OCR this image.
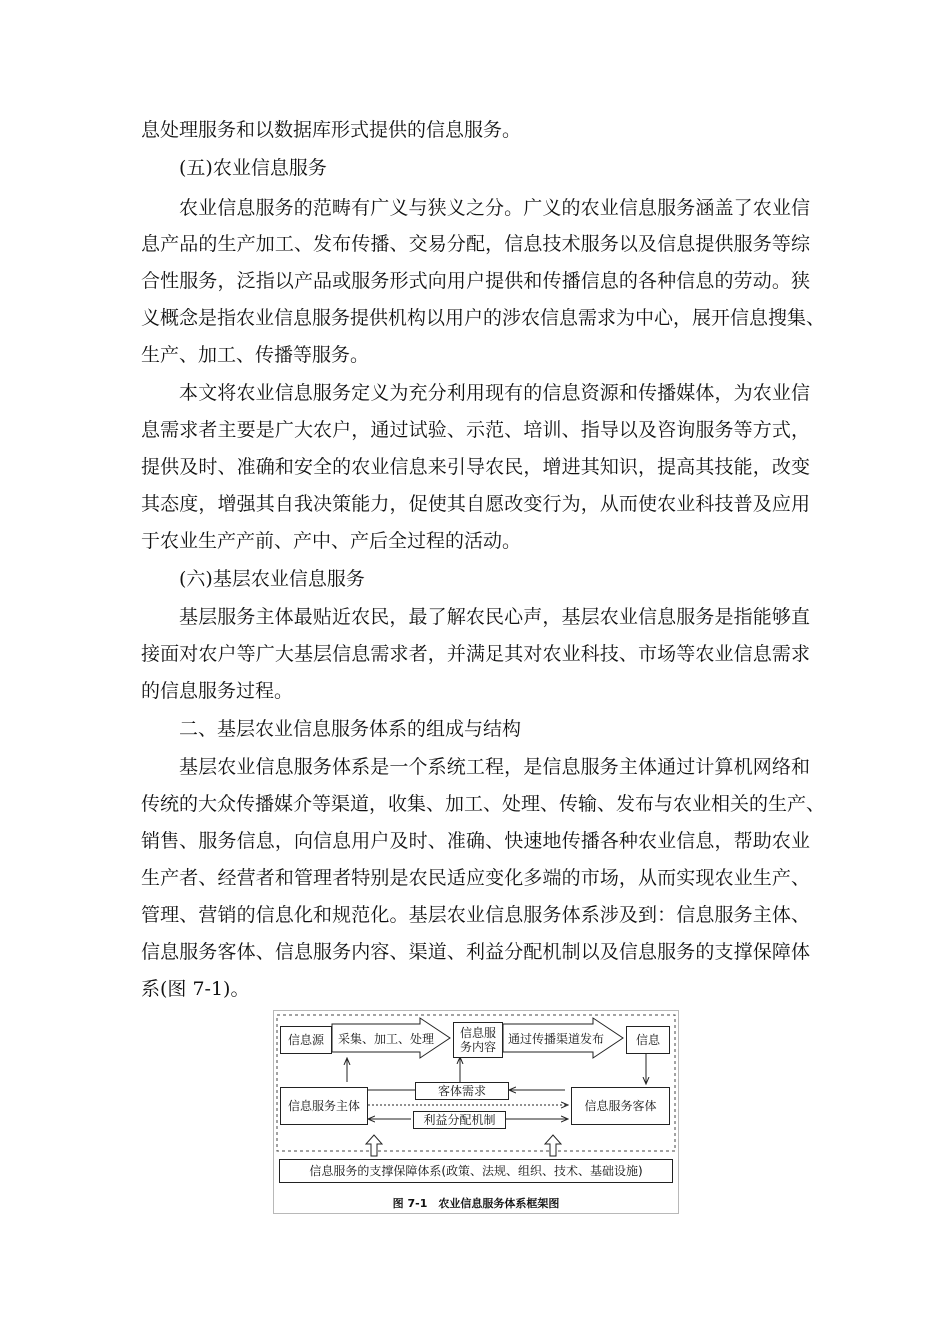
息处理服务和以数据库形式提供的信息服务。
(五)农业信息服务
农业信息服务的范畴有广义与狭义之分。广义的农业信息服务涵盖了农业信
息产品的生产加工、发布传播、交易分配，信息技术服务以及信息提供服务等综
合性服务，泛指以产品或服务形式向用户提供和传播信息的各种信息的劳动。狭
义概念是指农业信息服务提供机构以用户的涉农信息需求为中心，展开信息搜集、
生产、加工、传播等服务。
本文将农业信息服务定义为充分利用现有的信息资源和传播媒体，为农业信
息需求者主要是广大农户，通过试验、示范、培训、指导以及咨询服务等方式，
提供及时、准确和安全的农业信息来引导农民，增进其知识，提高其技能，改变
其态度，增强其自我决策能力，促使其自愿改变行为，从而使农业科技普及应用
于农业生产产前、产中、产后全过程的活动。
(六)基层农业信息服务
基层服务主体最贴近农民，最了解农民心声，基层农业信息服务是指能够直
接面对农户等广大基层信息需求者，并满足其对农业科技、市场等农业信息需求
的信息服务过程。
二、基层农业信息服务体系的组成与结构
基层农业信息服务体系是一个系统工程，是信息服务主体通过计算机网络和
传统的大众传播媒介等渠道，收集、加工、处理、传输、发布与农业相关的生产、
销售、服务信息，向信息用户及时、准确、快速地传播各种农业信息，帮助农业
生产者、经营者和管理者特别是农民适应变化多端的市场，从而实现农业生产、
管理、营销的信息化和规范化。基层农业信息服务体系涉及到：信息服务主体、
信息服务客体、信息服务内容、渠道、利益分配机制以及信息服务的支撑保障体
系(图 7-1)。
信息源 采集、加工、处理 信息服
务内容
通过传播渠道发布	信息
客体需求
信息服务主体	信息服务客体
利益分配机制
信息服务的支撑保障体系(政策、法规、组织、技术、基础设施)
图 7-1　农业信息服务体系框架图
